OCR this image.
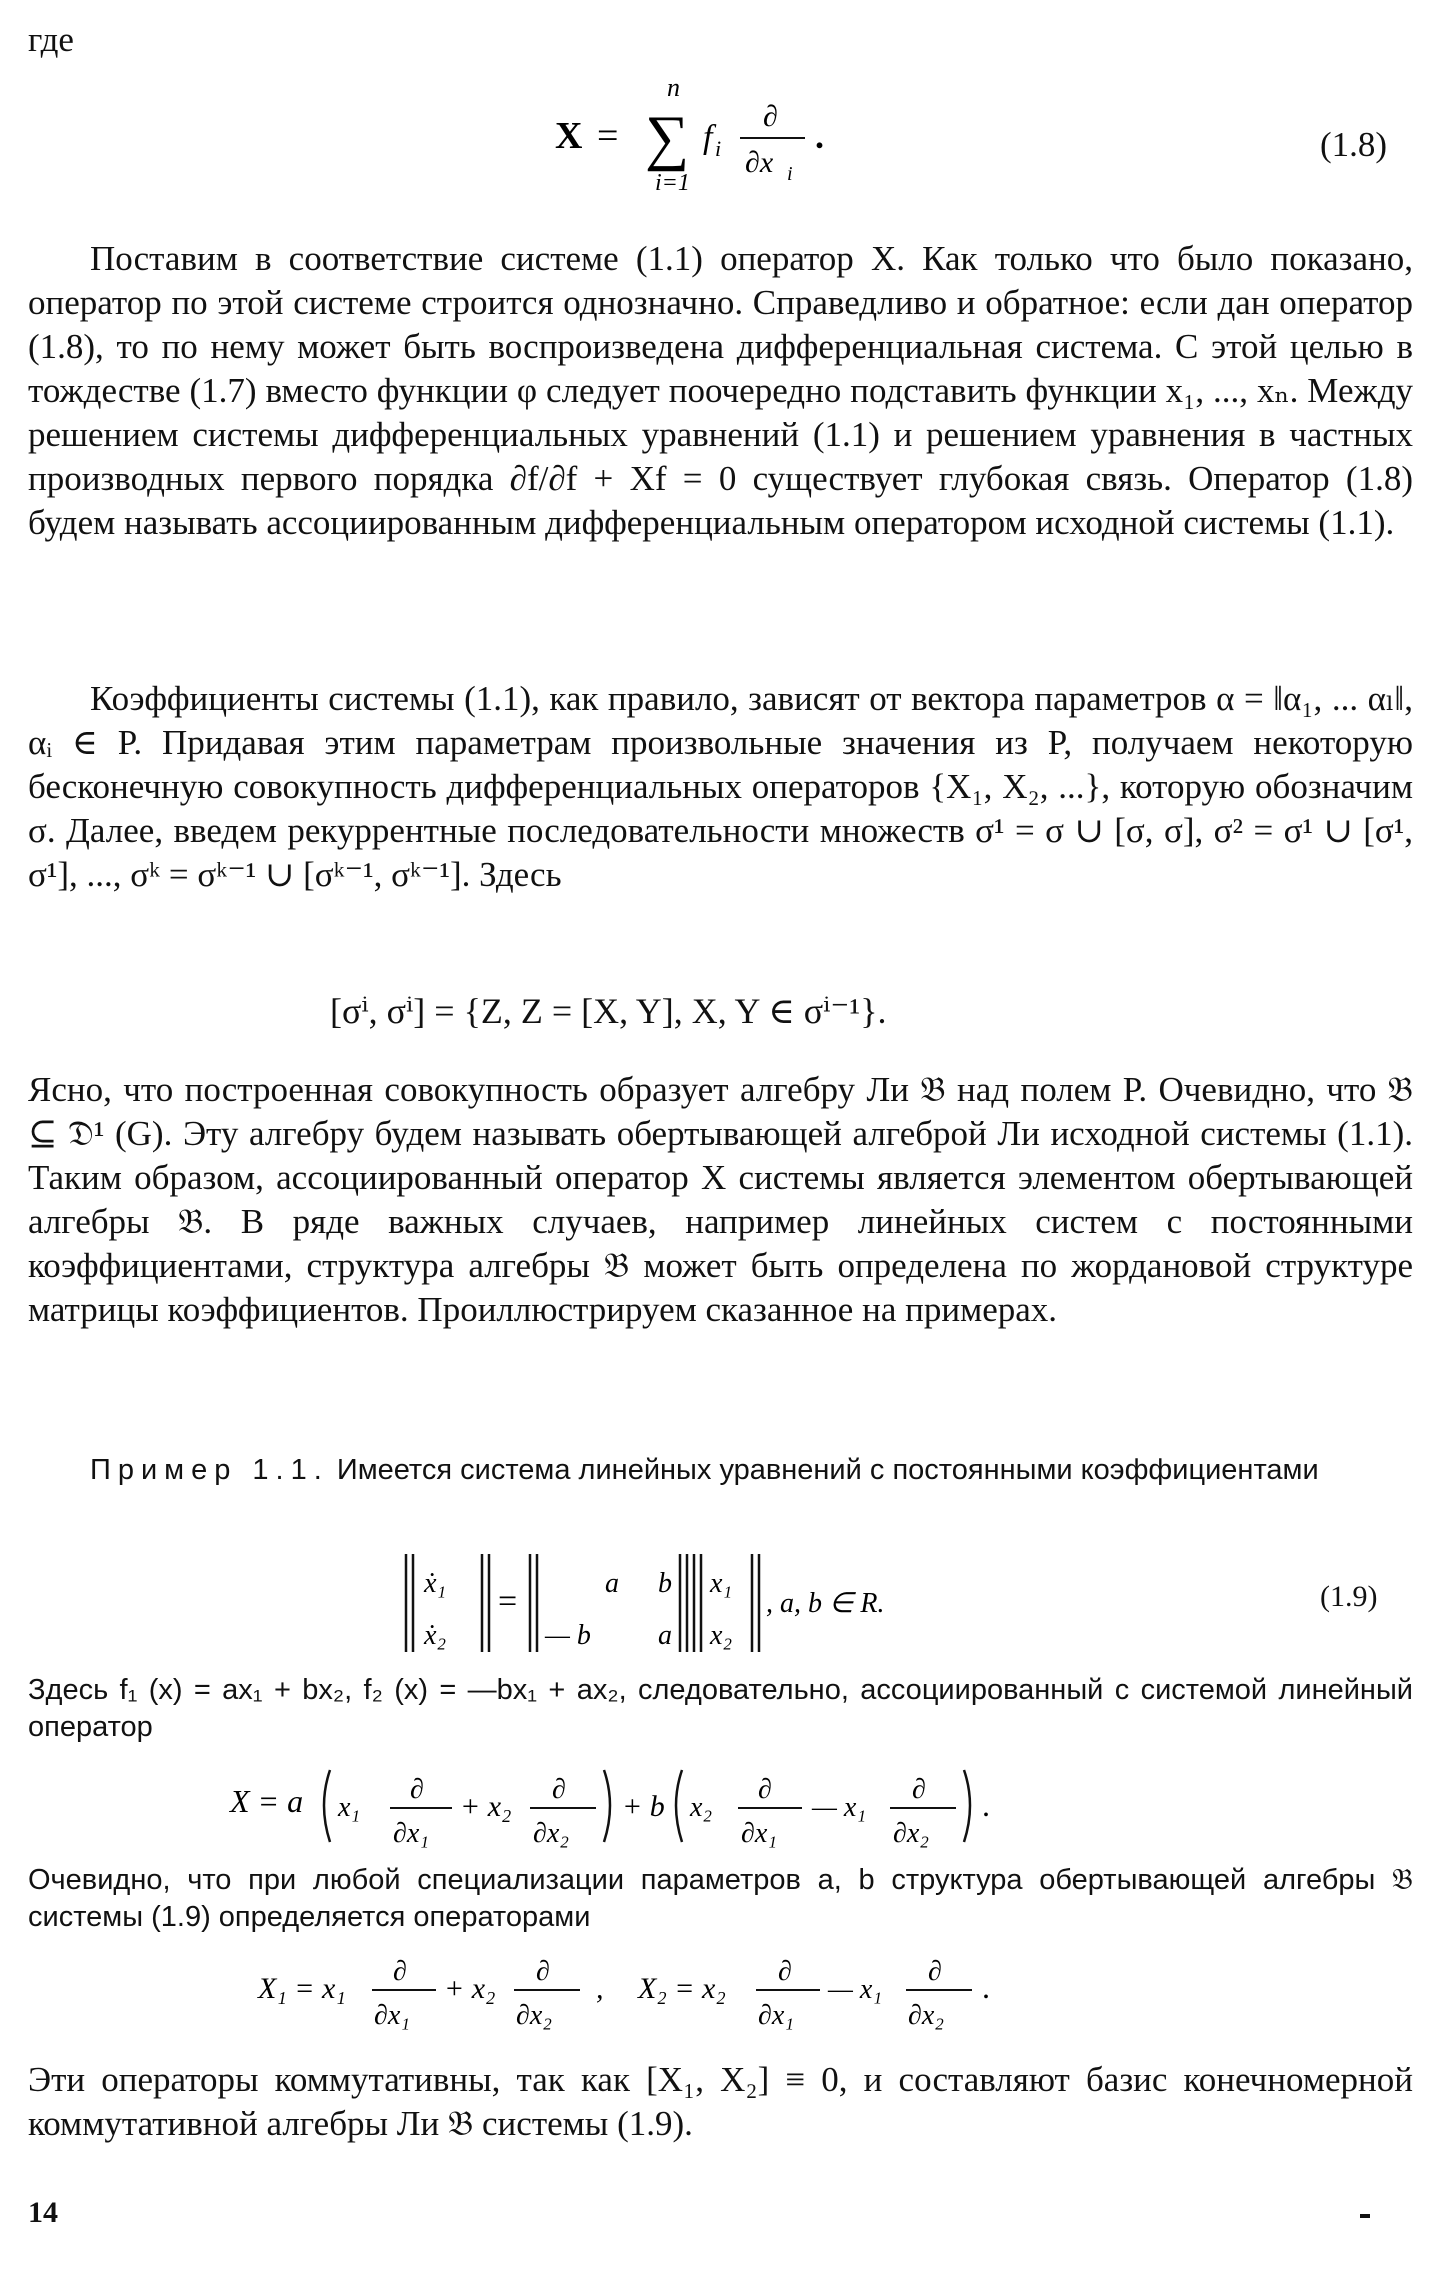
где
X =
n
∑
i=1
f i
∂
∂x i
.	(1.8)

Поставим в соответствие системе (1.1) оператор X. Как только что было показано, оператор по этой системе строится однозначно. Справедливо и обратное: если дан оператор (1.8), то по нему может быть воспроизведена дифференциальная система. С этой целью в тождестве (1.7) вместо функции φ следует поочередно подставить функции x₁, ..., xₙ. Между решением системы дифференциальных уравнений (1.1) и решением уравнения в частных производных первого порядка ∂f/∂f + Xf = 0 существует глубокая связь. Оператор (1.8) будем называть ассоциированным дифференциальным оператором исходной системы (1.1).

Коэффициенты системы (1.1), как правило, зависят от вектора параметров α = ‖α₁, ... αₗ‖, αᵢ ∈ P. Придавая этим параметрам произвольные значения из P, получаем некоторую бесконечную совокупность дифференциальных операторов {X₁, X₂, ...}, которую обозначим σ. Далее, введем рекуррентные последовательности множеств σ¹ = σ ∪ [σ, σ], σ² = σ¹ ∪ [σ¹, σ¹], ..., σᵏ = σᵏ⁻¹ ∪ [σᵏ⁻¹, σᵏ⁻¹]. Здесь

[σⁱ, σⁱ] = {Z, Z = [X, Y], X, Y ∈ σⁱ⁻¹}.

Ясно, что построенная совокупность образует алгебру Ли 𝔅 над полем P. Очевидно, что 𝔅 ⊆ 𝔇¹ (G). Эту алгебру будем называть обертывающей алгеброй Ли исходной системы (1.1). Таким образом, ассоциированный оператор X системы является элементом обертывающей алгебры 𝔅. В ряде важных случаев, например линейных систем с постоянными коэффициентами, структура алгебры 𝔅 может быть определена по жордановой структуре матрицы коэффициентов. Проиллюстрируем сказанное на примерах.

Пример 1.1. Имеется система линейных уравнений с постоянными коэффициентами

ẋ₁
ẋ₂
=	a b
— b a
x₁
x₂
, a, b ∈ R.	(1.9)

Здесь f₁ (x) = ax₁ + bx₂, f₂ (x) = —bx₁ + ax₂, следовательно, ассоциированный с системой линейный оператор

X = a x₁
∂
∂x₁
+ x₂
∂
∂x₂
+ b x₂
∂
∂x₁
— x₁
∂
∂x₂
.

Очевидно, что при любой специализации параметров a, b структура обертывающей алгебры 𝔅 системы (1.9) определяется операторами

X₁ = x₁
∂
∂x₁
+ x₂
∂
∂x₂
, X₂ = x₂
∂
∂x₁
— x₁
∂
∂x₂
.

Эти операторы коммутативны, так как [X₁, X₂] ≡ 0, и составляют базис конечномерной коммутативной алгебры Ли 𝔅 системы (1.9).

14
